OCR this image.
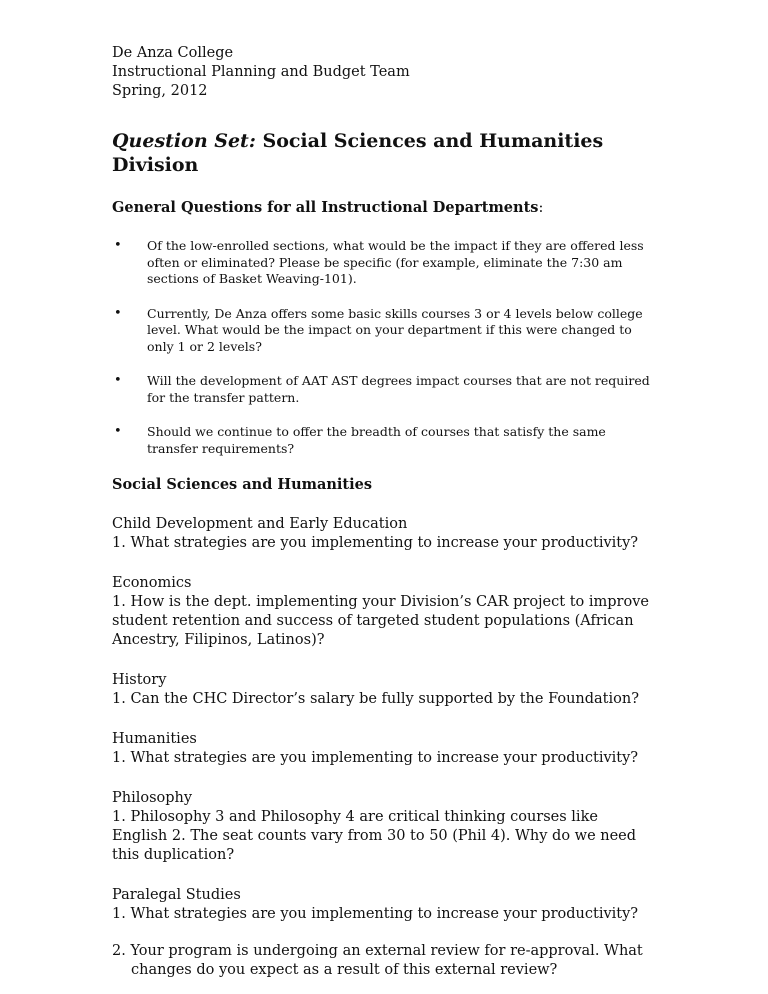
De Anza College
Instructional Planning and Budget Team
Spring, 2012
Question Set: Social Sciences and Humanities Division
General Questions for all Instructional Departments:
• Of the low-enrolled sections, what would be the impact if they are offered less often or eliminated? Please be specific (for example, eliminate the 7:30 am sections of Basket Weaving-101).
• Currently, De Anza offers some basic skills courses 3 or 4 levels below college level. What would be the impact on your department if this were changed to only 1 or 2 levels?
• Will the development of AAT AST degrees impact courses that are not required for the transfer pattern.
• Should we continue to offer the breadth of courses that satisfy the same transfer requirements?
Social Sciences and Humanities
Child Development and Early Education
1. What strategies are you implementing to increase your productivity?
Economics
1. How is the dept. implementing your Division’s CAR project to improve student retention and success of targeted student populations (African Ancestry, Filipinos, Latinos)?
History
1. Can the CHC Director’s salary be fully supported by the Foundation?
Humanities
1. What strategies are you implementing to increase your productivity?
Philosophy
1. Philosophy 3 and Philosophy 4 are critical thinking courses like English 2. The seat counts vary from 30 to 50 (Phil 4). Why do we need this duplication?
Paralegal Studies
1. What strategies are you implementing to increase your productivity?
2. Your program is undergoing an external review for re-approval. What changes do you expect as a result of this external review?
